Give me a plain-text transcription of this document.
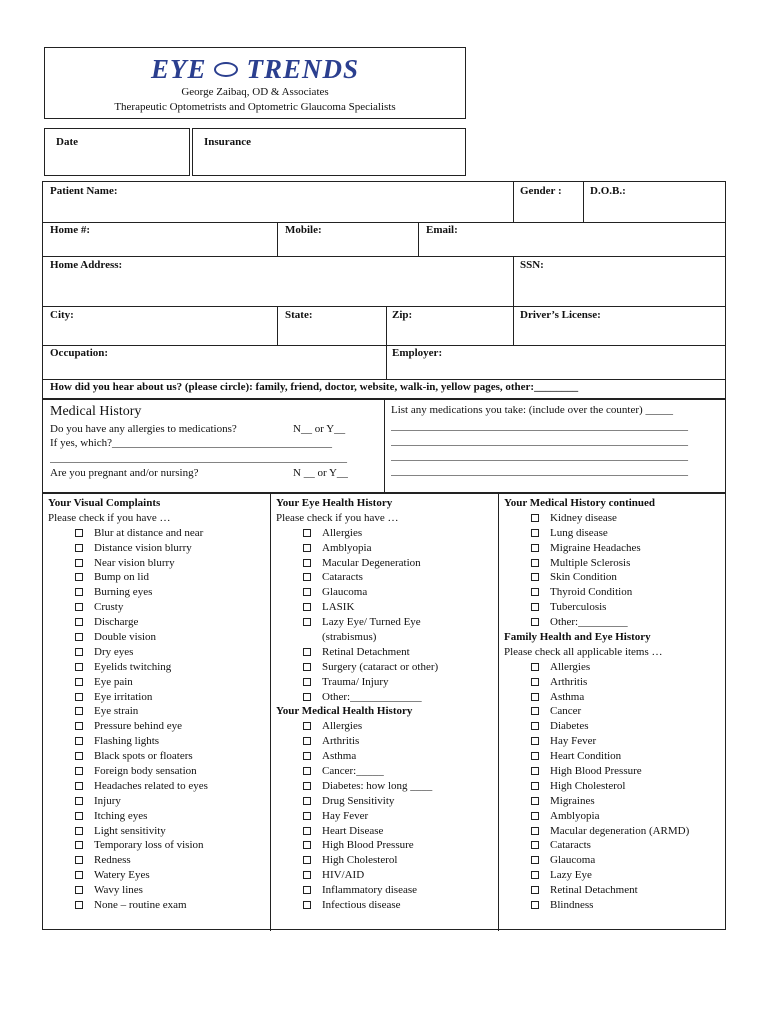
EYE TRENDS
George Zaibaq, OD & Associates
Therapeutic Optometrists and Optometric Glaucoma Specialists
Date	Insurance
Patient Name:	Gender :	D.O.B.:
Home #:	Mobile:	Email:
Home Address:	SSN:
City:	State:	Zip:	Driver’s License:
Occupation:	Employer:
How did you hear about us? (please circle): family, friend, doctor, website, walk-in, yellow pages, other:________
Medical History
Do you have any allergies to medications?	N__ or Y__
If yes, which?________________________________________
______________________________________________________
Are you pregnant and/or nursing?	N __ or Y__
List any medications you take: (include over the counter) _____
______________________________________________________
______________________________________________________
______________________________________________________
______________________________________________________
Your Visual Complaints
Please check if you have …
Blur at distance and near
Distance vision blurry
Near vision blurry
Bump on lid
Burning eyes
Crusty
Discharge
Double vision
Dry eyes
Eyelids twitching
Eye pain
Eye irritation
Eye strain
Pressure behind eye
Flashing lights
Black spots or floaters
Foreign body sensation
Headaches related to eyes
Injury
Itching eyes
Light sensitivity
Temporary loss of vision
Redness
Watery Eyes
Wavy lines
None – routine exam
Your Eye Health History
Please check if you have …
Allergies
Amblyopia
Macular Degeneration
Cataracts
Glaucoma
LASIK
Lazy Eye/ Turned Eye
(strabismus)
Retinal Detachment
Surgery (cataract or other)
Trauma/ Injury
Other:_____________
Your Medical Health History
Allergies
Arthritis
Asthma
Cancer:_____
Diabetes: how long ____
Drug Sensitivity
Hay Fever
Heart Disease
High Blood Pressure
High Cholesterol
HIV/AID
Inflammatory disease
Infectious disease
Your Medical History continued
Kidney disease
Lung disease
Migraine Headaches
Multiple Sclerosis
Skin Condition
Thyroid Condition
Tuberculosis
Other:_________
Family Health and Eye History
Please check all applicable items …
Allergies
Arthritis
Asthma
Cancer
Diabetes
Hay Fever
Heart Condition
High Blood Pressure
High Cholesterol
Migraines
Amblyopia
Macular degeneration (ARMD)
Cataracts
Glaucoma
Lazy Eye
Retinal Detachment
Blindness
